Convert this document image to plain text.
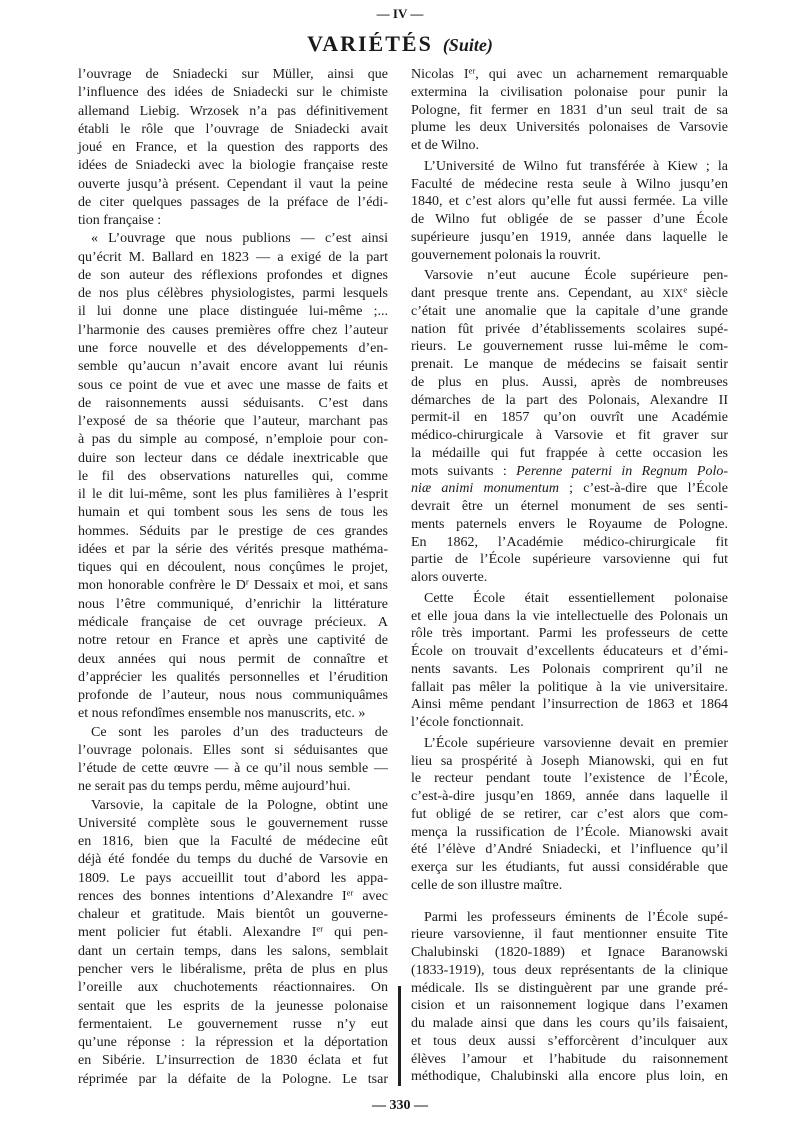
— IV —
VARIÉTÉS (Suite)
l’ouvrage de Sniadecki sur Müller, ainsi que
l’influence des idées de Sniadecki sur le chimiste
allemand Liebig. Wrzosek n’a pas définitivement
établi le rôle que l’ouvrage de Sniadecki avait
joué en France, et la question des rapports des
idées de Sniadecki avec la biologie française reste
ouverte jusqu’à présent. Cependant il vaut la peine
de citer quelques passages de la préface de l’édi-
tion française :
« L’ouvrage que nous publions — c’est ainsi
qu’écrit M. Ballard en 1823 — a exigé de la part
de son auteur des réflexions profondes et dignes
de nos plus célèbres physiologistes, parmi lesquels
il lui donne une place distinguée lui-même ;...
l’harmonie des causes premières offre chez l’auteur
une force nouvelle et des développements d’en-
semble qu’aucun n’avait encore avant lui réunis
sous ce point de vue et avec une masse de faits et
de raisonnements aussi séduisants. C’est dans
l’exposé de sa théorie que l’auteur, marchant pas
à pas du simple au composé, n’emploie pour con-
duire son lecteur dans ce dédale inextricable que
le fil des observations naturelles qui, comme
il le dit lui-même, sont les plus familières à l’esprit
humain et qui tombent sous les sens de tous les
hommes. Séduits par le prestige de ces grandes
idées et par la série des vérités presque mathéma-
tiques qui en découlent, nous conçûmes le projet,
mon honorable confrère le $D^r$ Dessaix et moi, et sans
nous l’être communiqué, d’enrichir la littérature
médicale française de cet ouvrage précieux. A
notre retour en France et après une captivité de
deux années qui nous permit de connaître et
d’apprécier les qualités personnelles et l’érudition
profonde de l’auteur, nous nous communiquâmes
et nous refondîmes ensemble nos manuscrits, etc. »
Ce sont les paroles d’un des traducteurs de
l’ouvrage polonais. Elles sont si séduisantes que
l’étude de cette œuvre — à ce qu’il nous semble —
ne serait pas du temps perdu, même aujourd’hui.
Varsovie, la capitale de la Pologne, obtint une
Université complète sous le gouvernement russe
en 1816, bien que la Faculté de médecine eût
déjà été fondée du temps du duché de Varsovie en
1809. Le pays accueillit tout d’abord les appa-
rences des bonnes intentions d’Alexandre Ier avec
chaleur et gratitude. Mais bientôt un gouverne-
ment policier fut établi. Alexandre Ier qui pen-
dant un certain temps, dans les salons, semblait
pencher vers le libéralisme, prêta de plus en plus
l’oreille aux chuchotements réactionnaires. On
sentait que les esprits de la jeunesse polonaise
fermentaient. Le gouvernement russe n’y eut
qu’une réponse : la répression et la déportation
en Sibérie. L’insurrection de 1830 éclata et fut
réprimée par la défaite de la Pologne. Le tsar
Nicolas Ier, qui avec un acharnement remarquable
extermina la civilisation polonaise pour punir la
Pologne, fit fermer en 1831 d’un seul trait de sa
plume les deux Universités polonaises de Varsovie
et de Wilno.
L’Université de Wilno fut transférée à Kiew ; la
Faculté de médecine resta seule à Wilno jusqu’en
1840, et c’est alors qu’elle fut aussi fermée. La ville
de Wilno fut obligée de se passer d’une École
supérieure jusqu’en 1919, année dans laquelle le
gouvernement polonais la rouvrit.
Varsovie n’eut aucune École supérieure pen-
dant presque trente ans. Cependant, au XIXe siècle
c’était une anomalie que la capitale d’une grande
nation fût privée d’établissements scolaires supé-
rieurs. Le gouvernement russe lui-même le com-
prenait. Le manque de médecins se faisait sentir
de plus en plus. Aussi, après de nombreuses
démarches de la part des Polonais, Alexandre II
permit-il en 1857 qu’on ouvrît une Académie
médico-chirurgicale à Varsovie et fit graver sur
la médaille qui fut frappée à cette occasion les
mots suivants : Perenne paterni in Regnum Polo-
niæ animi monumentum ; c’est-à-dire que l’École
devrait être un éternel monument de ses senti-
ments paternels envers le Royaume de Pologne.
En 1862, l’Académie médico-chirurgicale fit
partie de l’École supérieure varsovienne qui fut
alors ouverte.
Cette École était essentiellement polonaise
et elle joua dans la vie intellectuelle des Polonais un
rôle très important. Parmi les professeurs de cette
École on trouvait d’excellents éducateurs et d’émi-
nents savants. Les Polonais comprirent qu’il ne
fallait pas mêler la politique à la vie universitaire.
Ainsi même pendant l’insurrection de 1863 et 1864
l’école fonctionnait.
L’École supérieure varsovienne devait en premier
lieu sa prospérité à Joseph Mianowski, qui en fut
le recteur pendant toute l’existence de l’École,
c’est-à-dire jusqu’en 1869, année dans laquelle il
fut obligé de se retirer, car c’est alors que com-
mença la russification de l’École. Mianowski avait
été l’élève d’André Sniadecki, et l’influence qu’il
exerça sur les étudiants, fut aussi considérable que
celle de son illustre maître.
Parmi les professeurs éminents de l’École supé-
rieure varsovienne, il faut mentionner ensuite Tite
Chalubinski (1820-1889) et Ignace Baranowski
(1833-1919), tous deux représentants de la clinique
médicale. Ils se distinguèrent par une grande pré-
cision et un raisonnement logique dans l’examen
du malade ainsi que dans les cours qu’ils faisaient,
et tous deux aussi s’efforcèrent d’inculquer aux
élèves l’amour et l’habitude du raisonnement
méthodique, Chalubinski alla encore plus loin, en
— 330 —
